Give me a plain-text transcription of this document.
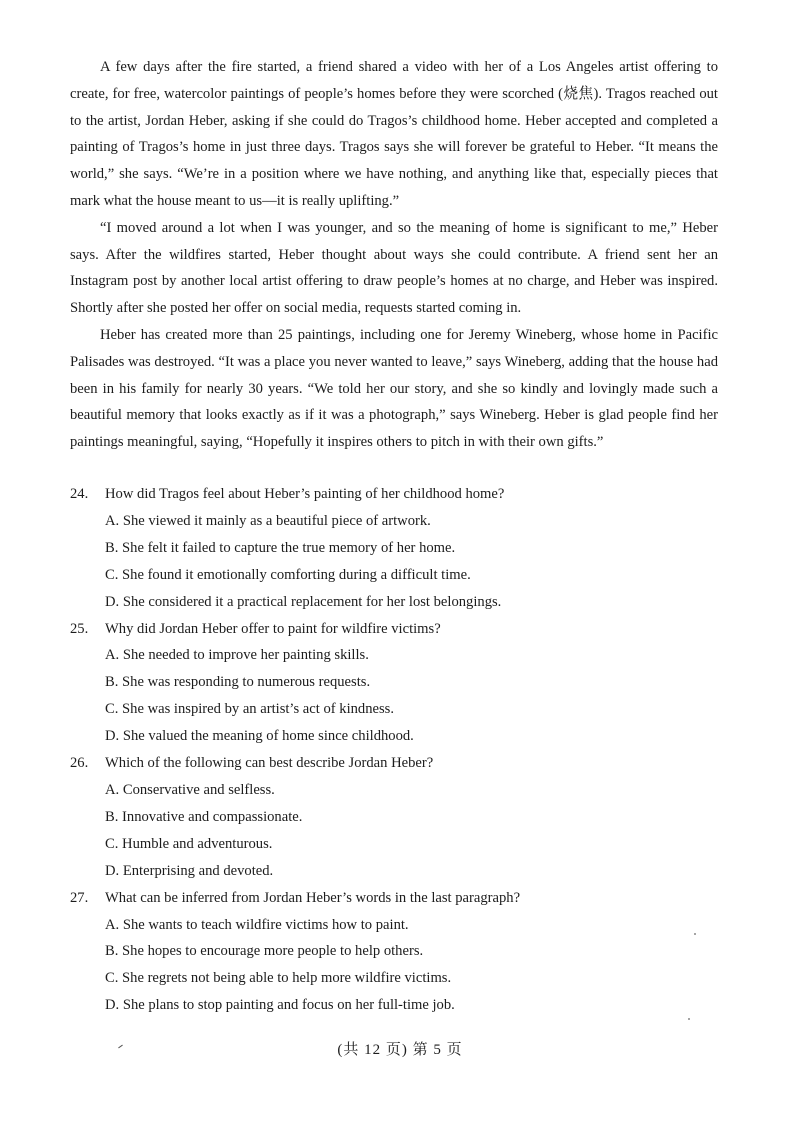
A few days after the fire started, a friend shared a video with her of a Los Angeles artist offering to create, for free, watercolor paintings of people’s homes before they were scorched (烧焦). Tragos reached out to the artist, Jordan Heber, asking if she could do Tragos’s childhood home. Heber accepted and completed a painting of Tragos’s home in just three days. Tragos says she will forever be grateful to Heber. “It means the world,” she says. “We’re in a position where we have nothing, and anything like that, especially pieces that mark what the house meant to us—it is really uplifting.”

“I moved around a lot when I was younger, and so the meaning of home is significant to me,” Heber says. After the wildfires started, Heber thought about ways she could contribute. A friend sent her an Instagram post by another local artist offering to draw people’s homes at no charge, and Heber was inspired. Shortly after she posted her offer on social media, requests started coming in.

Heber has created more than 25 paintings, including one for Jeremy Wineberg, whose home in Pacific Palisades was destroyed. “It was a place you never wanted to leave,” says Wineberg, adding that the house had been in his family for nearly 30 years. “We told her our story, and she so kindly and lovingly made such a beautiful memory that looks exactly as if it was a photograph,” says Wineberg. Heber is glad people find her paintings meaningful, saying, “Hopefully it inspires others to pitch in with their own gifts.”

24.	How did Tragos feel about Heber’s painting of her childhood home?
A. She viewed it mainly as a beautiful piece of artwork.
B. She felt it failed to capture the true memory of her home.
C. She found it emotionally comforting during a difficult time.
D. She considered it a practical replacement for her lost belongings.
25.	Why did Jordan Heber offer to paint for wildfire victims?
A. She needed to improve her painting skills.
B. She was responding to numerous requests.
C. She was inspired by an artist’s act of kindness.
D. She valued the meaning of home since childhood.
26.	Which of the following can best describe Jordan Heber?
A. Conservative and selfless.
B. Innovative and compassionate.
C. Humble and adventurous.
D. Enterprising and devoted.
27.	What can be inferred from Jordan Heber’s words in the last paragraph?
A. She wants to teach wildfire victims how to paint.
B. She hopes to encourage more people to help others.
C. She regrets not being able to help more wildfire victims.
D. She plans to stop painting and focus on her full-time job.
(共 12 页) 第 5 页
